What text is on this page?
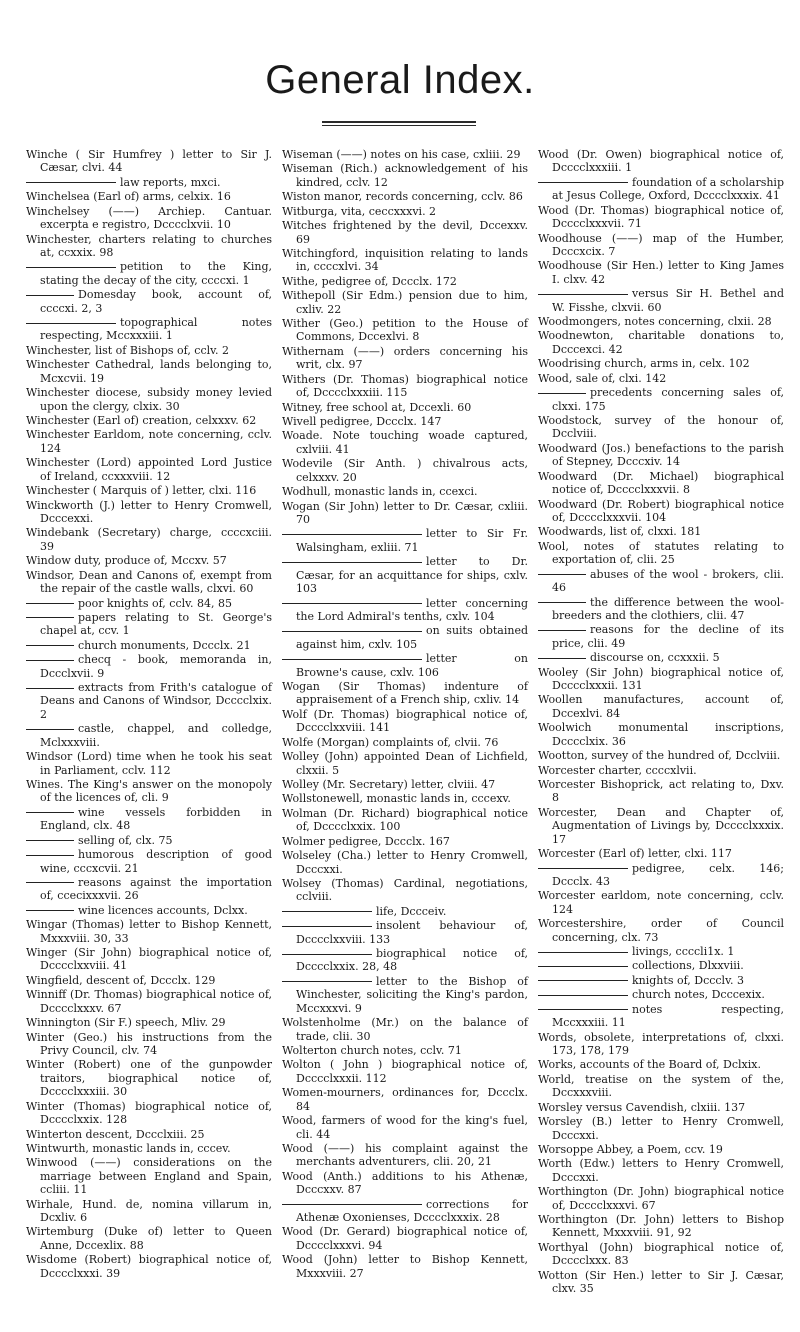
General Index.
Winche ( Sir Humfrey ) letter to Sir J. Cæsar, clvi. 44
law reports, mxci.
Winchelsea (Earl of) arms, celxix. 16
Winchelsey (——) Archiep. Cantuar. excerpta e registro, Dcccclxvii. 10
Winchester, charters relating to churches at, ccxxix. 98
petition to the King, stating the decay of the city, ccccxi. 1
Domesday book, account of, ccccxi. 2, 3
topographical notes respecting, Mccxxxiii. 1
Winchester, list of Bishops of, cclv. 2
Winchester Cathedral, lands belonging to, Mcxcvii. 19
Winchester diocese, subsidy money levied upon the clergy, clxix. 30
Winchester (Earl of) creation, celxxxv. 62
Winchester Earldom, note concerning, cclv. 124
Winchester (Lord) appointed Lord Justice of Ireland, ccxxxviii. 12
Winchester ( Marquis of ) letter, clxi. 116
Winckworth (J.) letter to Henry Cromwell, Dcccexxi.
Windebank (Secretary) charge, ccccxciii. 39
Window duty, produce of, Mccxv. 57
Windsor, Dean and Canons of, exempt from the repair of the castle walls, clxvi. 60
poor knights of, cclv. 84, 85
papers relating to St. George's chapel at, ccv. 1
church monuments, Dccclx. 21
checq - book, memoranda in, Dccclxvii. 9
extracts from Frith's catalogue of Deans and Canons of Windsor, Dcccclxix. 2
castle, chappel, and colledge, Mclxxxviii.
Windsor (Lord) time when he took his seat in Parliament, cclv. 112
Wines. The King's answer on the monopoly of the licences of, cli. 9
wine vessels forbidden in England, clx. 48
selling of, clx. 75
humorous description of good wine, cccxcvii. 21
reasons against the importation of, ccecixxxvii. 26
wine licences accounts, Dclxx.
Wingar (Thomas) letter to Bishop Kennett, Mxxxviii. 30, 33
Winger (Sir John) biographical notice of, Dcccclxxviii. 41
Wingfield, descent of, Dccclx. 129
Winniff (Dr. Thomas) biographical notice of, Dcccclxxxv. 67
Winnington (Sir F.) speech, Mliv. 29
Winter (Geo.) his instructions from the Privy Council, clv. 74
Winter (Robert) one of the gunpowder traitors, biographical notice of, Dcccclxxxiii. 30
Winter (Thomas) biographical notice of, Dcccclxxix. 128
Winterton descent, Dccclxiii. 25
Wintwurth, monastic lands in, cccev.
Winwood (——) considerations on the marriage between England and Spain, ccliii. 11
Wirhale, Hund. de, nomina villarum in, Dcxliv. 6
Wirtemburg (Duke of) letter to Queen Anne, Dccexlix. 88
Wisdome (Robert) biographical notice of, Dcccclxxxi. 39
Wiseman (——) notes on his case, cxliii. 29
Wiseman (Rich.) acknowledgement of his kindred, cclv. 12
Wiston manor, records concerning, cclv. 86
Witburga, vita, ceccxxxvi. 2
Witches frightened by the devil, Dccexxv. 69
Witchingford, inquisition relating to lands in, ccccxlvi. 34
Withe, pedigree of, Dccclx. 172
Withepoll (Sir Edm.) pension due to him, cxliv. 22
Wither (Geo.) petition to the House of Commons, Dccexlvi. 8
Withernam (——) orders concerning his writ, clx. 97
Withers (Dr. Thomas) biographical notice of, Dcccclxxxiii. 115
Witney, free school at, Dccexli. 60
Wivell pedigree, Dccclx. 147
Woade. Note touching woade captured, cxlviii. 41
Wodevile (Sir Anth. ) chivalrous acts, celxxxv. 20
Wodhull, monastic lands in, ccexci.
Wogan (Sir John) letter to Dr. Cæsar, cxliii. 70
letter to Sir Fr. Walsingham, exliii. 71
letter to Dr. Cæsar, for an acquittance for ships, cxlv. 103
letter concerning the Lord Admiral's tenths, cxlv. 104
on suits obtained against him, cxlv. 105
letter on Browne's cause, cxlv. 106
Wogan (Sir Thomas) indenture of appraisement of a French ship, cxliv. 14
Wolf (Dr. Thomas) biographical notice of, Dcccclxxviii. 141
Wolfe (Morgan) complaints of, clvii. 76
Wolley (John) appointed Dean of Lichfield, clxxii. 5
Wolley (Mr. Secretary) letter, clviii. 47
Wollstonewell, monastic lands in, cccexv.
Wolman (Dr. Richard) biographical notice of, Dcccclxxix. 100
Wolmer pedigree, Dccclx. 167
Wolseley (Cha.) letter to Henry Cromwell, Dcccxxi.
Wolsey (Thomas) Cardinal, negotiations, cclviii.
life, Dccceiv.
insolent behaviour of, Dcccclxxviii. 133
biographical notice of, Dcccclxxix. 28, 48
letter to the Bishop of Winchester, soliciting the King's pardon, Mccxxxvi. 9
Wolstenholme (Mr.) on the balance of trade, clii. 30
Wolterton church notes, cclv. 71
Wolton ( John ) biographical notice of, Dcccclxxxii. 112
Women-mourners, ordinances for, Dccclx. 84
Wood, farmers of wood for the king's fuel, cli. 44
Wood (——) his complaint against the merchants adventurers, clii. 20, 21
Wood (Anth.) additions to his Athenæ, Dcccxxv. 87
corrections for Athenæ Oxonienses, Dcccclxxxix. 28
Wood (Dr. Gerard) biographical notice of, Dcccclxxxvi. 94
Wood (John) letter to Bishop Kennett, Mxxxviii. 27
Wood (Dr. Owen) biographical notice of, Dcccclxxxiii. 1
foundation of a scholarship at Jesus College, Oxford, Dcccclxxxix. 41
Wood (Dr. Thomas) biographical notice of, Dcccclxxxvii. 71
Woodhouse (——) map of the Humber, Dcccxcix. 7
Woodhouse (Sir Hen.) letter to King James I. clxv. 42
versus Sir H. Bethel and W. Fisshe, clxvii. 60
Woodmongers, notes concerning, clxii. 28
Woodnewton, charitable donations to, Dcccexci. 42
Woodrising church, arms in, celx. 102
Wood, sale of, clxi. 142
precedents concerning sales of, clxxi. 175
Woodstock, survey of the honour of, Dcclviii.
Woodward (Jos.) benefactions to the parish of Stepney, Dcccxiv. 14
Woodward (Dr. Michael) biographical notice of, Dcccclxxxvii. 8
Woodward (Dr. Robert) biographical notice of, Dcccclxxxvii. 104
Woodwards, list of, clxxi. 181
Wool, notes of statutes relating to exportation of, clii. 25
abuses of the wool - brokers, clii. 46
the difference between the wool-breeders and the clothiers, clii. 47
reasons for the decline of its price, clii. 49
discourse on, ccxxxii. 5
Wooley (Sir John) biographical notice of, Dcccclxxxii. 131
Woollen manufactures, account of, Dccexlvi. 84
Woolwich monumental inscriptions, Dcccclxix. 36
Wootton, survey of the hundred of, Dcclviii.
Worcester charter, ccccxlvii.
Worcester Bishoprick, act relating to, Dxv. 8
Worcester, Dean and Chapter of, Augmentation of Livings by, Dcccclxxxix. 17
Worcester (Earl of) letter, clxi. 117
pedigree, celx. 146; Dccclx. 43
Worcester earldom, note concerning, cclv. 124
Worcestershire, order of Council concerning, clx. 73
livings, ccccli1x. 1
collections, Dlxxviii.
knights of, Dccclv. 3
church notes, Dcccexix.
notes respecting, Mccxxxiii. 11
Words, obsolete, interpretations of, clxxi. 173, 178, 179
Works, accounts of the Board of, Dclxix.
World, treatise on the system of the, Dccxxxviii.
Worsley versus Cavendish, clxiii. 137
Worsley (B.) letter to Henry Cromwell, Dcccxxi.
Worsoppe Abbey, a Poem, ccv. 19
Worth (Edw.) letters to Henry Cromwell, Dcccxxi.
Worthington (Dr. John) biographical notice of, Dcccclxxxvi. 67
Worthington (Dr. John) letters to Bishop Kennett, Mxxxviii. 91, 92
Worthyal (John) biographical notice of, Dcccclxxx. 83
Wotton (Sir Hen.) letter to Sir J. Cæsar, clxv. 35
